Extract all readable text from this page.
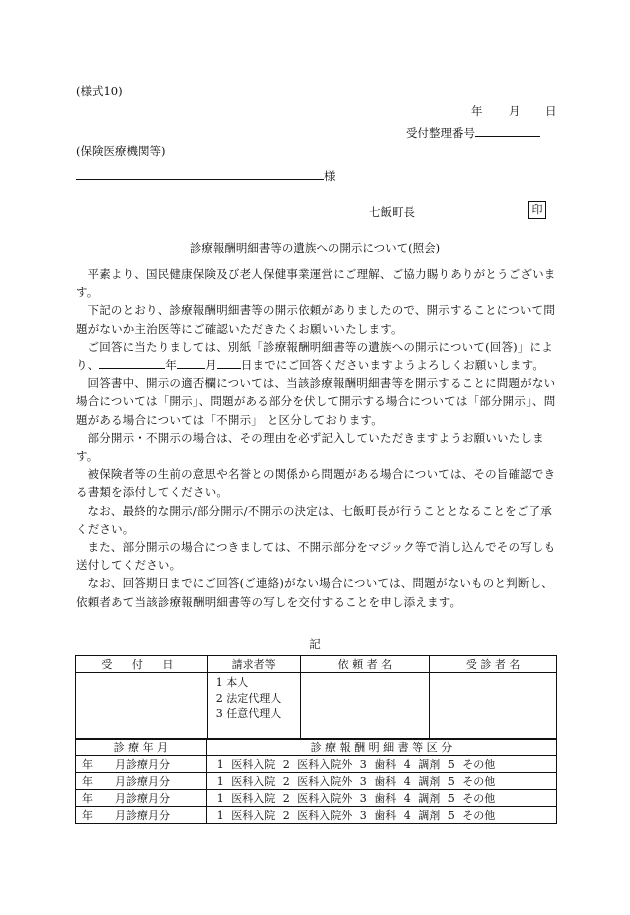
(様式10)
年 月 日
受付整理番号
(保険医療機関等)
様
七飯町長	印
診療報酬明細書等の遺族への開示について(照会)

平素より、国民健康保険及び老人保健事業運営にご理解、ご協力賜りありがとうございます。

下記のとおり、診療報酬明細書等の開示依頼がありましたので、開示することについて問題がないか主治医等にご確認いただきたくお願いいたします。

ご回答に当たりましては、別紙「診療報酬明細書等の遺族への開示について(回答)」により、	年 月 日までにご回答くださいますようよろしくお願いします。

回答書中、開示の適否欄については、当該診療報酬明細書等を開示することに問題がない場合については「開示」、問題がある部分を伏して開示する場合については「部分開示」、問題がある場合については「不開示」 と区分しております。

部分開示・不開示の場合は、その理由を必ず記入していただきますようお願いいたします。

被保険者等の生前の意思や名誉との関係から問題がある場合については、その旨確認できる書類を添付してください。

なお、最終的な開示/部分開示/不開示の決定は、七飯町長が行うこととなることをご了承ください。

また、部分開示の場合につきましては、不開示部分をマジック等で消し込んでその写しも送付してください。

なお、回答期日までにご回答(ご連絡)がない場合については、問題がないものと判断し、依頼者あて当該診療報酬明細書等の写しを交付することを申し添えます。

記
受 付 日	請求者等	依 頼 者 名	受 診 者 名

	1 本人
2 法定代理人
3 任意代理人		

診 療 年 月	診 療 報 酬 明 細 書 等 区 分
年　　月診療月分	1 医科入院 2 医科入院外 3 歯科 4 調剤 5 その他
年　　月診療月分	1 医科入院 2 医科入院外 3 歯科 4 調剤 5 その他
年　　月診療月分	1 医科入院 2 医科入院外 3 歯科 4 調剤 5 その他
年　　月診療月分	1 医科入院 2 医科入院外 3 歯科 4 調剤 5 その他
